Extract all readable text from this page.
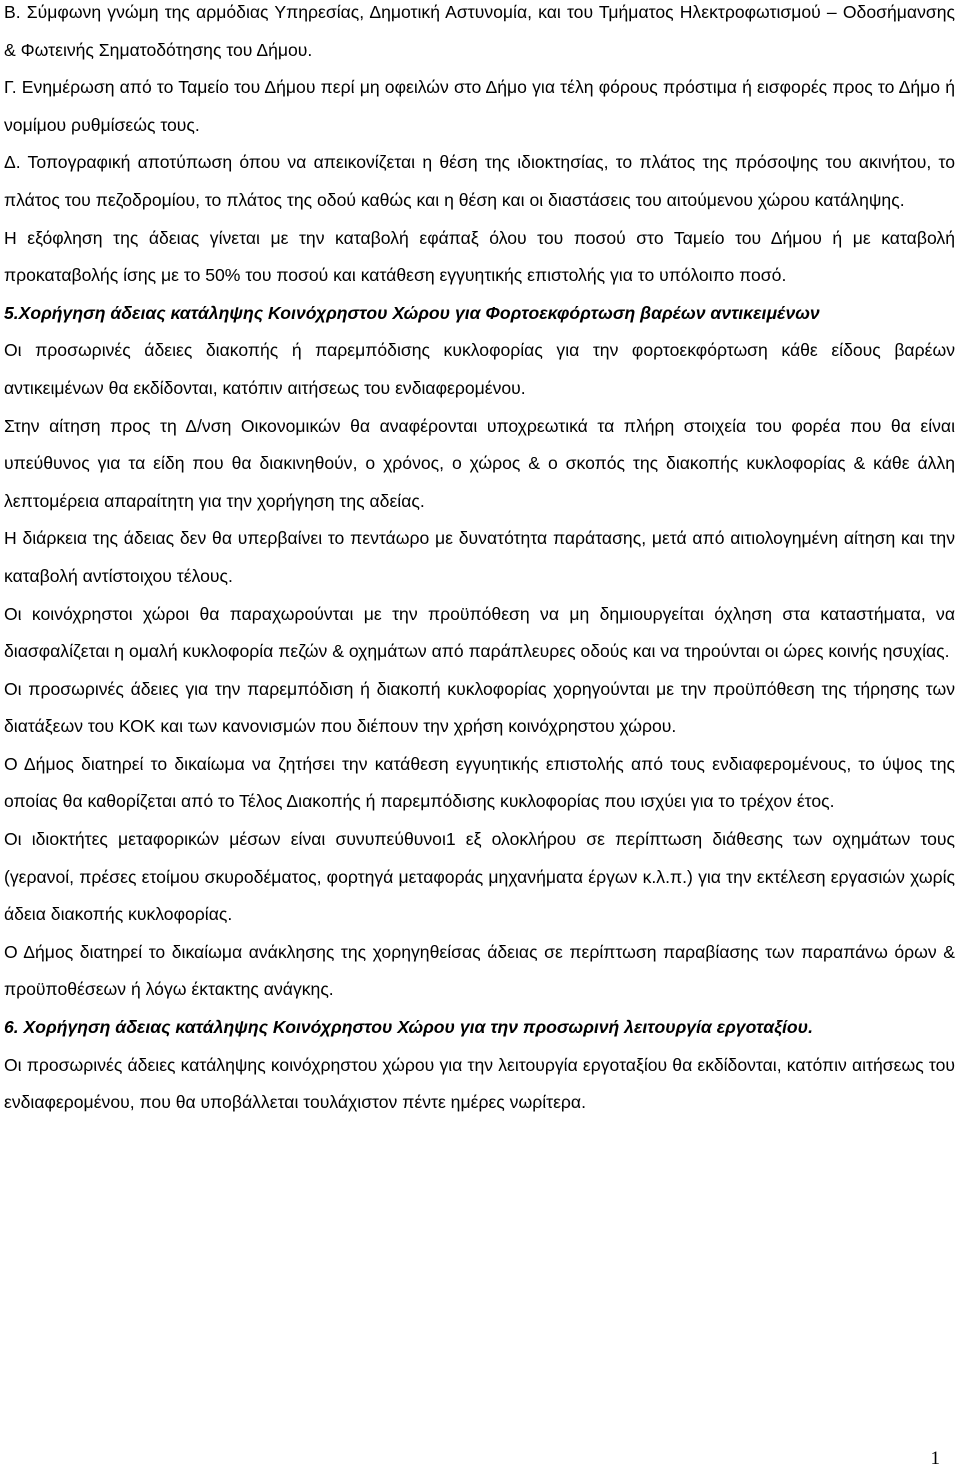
Β. Σύμφωνη γνώμη της αρμόδιας Υπηρεσίας, Δημοτική Αστυνομία, και του Τμήματος Ηλεκτροφωτισμού – Οδοσήμανσης & Φωτεινής Σηματοδότησης του Δήμου.

Γ. Ενημέρωση από το Ταμείο του Δήμου περί μη οφειλών στο Δήμο για τέλη φόρους πρόστιμα ή εισφορές προς το Δήμο ή νομίμου ρυθμίσεώς τους.

Δ. Τοπογραφική αποτύπωση όπου να απεικονίζεται η θέση της ιδιοκτησίας, το πλάτος της πρόσοψης του ακινήτου, το πλάτος του πεζοδρομίου, το πλάτος της οδού καθώς και η θέση και οι διαστάσεις του αιτούμενου χώρου κατάληψης.

Η εξόφληση της άδειας γίνεται με την καταβολή εφάπαξ όλου του ποσού στο Ταμείο του Δήμου ή με καταβολή προκαταβολής ίσης με το 50% του ποσού και κατάθεση εγγυητικής επιστολής για το υπόλοιπο ποσό.

5.Χορήγηση άδειας κατάληψης Κοινόχρηστου Χώρου για Φορτοεκφόρτωση βαρέων αντικειμένων

Οι προσωρινές άδειες διακοπής ή παρεμπόδισης κυκλοφορίας για την φορτοεκφόρτωση κάθε είδους βαρέων αντικειμένων θα εκδίδονται, κατόπιν αιτήσεως του ενδιαφερομένου.

Στην αίτηση προς τη Δ/νση Οικονομικών θα αναφέρονται υποχρεωτικά τα πλήρη στοιχεία του φορέα που θα είναι υπεύθυνος για τα είδη που θα διακινηθούν, ο χρόνος, ο χώρος & ο σκοπός της διακοπής κυκλοφορίας & κάθε άλλη λεπτομέρεια απαραίτητη για την χορήγηση της αδείας.

Η διάρκεια της άδειας δεν θα υπερβαίνει το πεντάωρο με δυνατότητα παράτασης, μετά από αιτιολογημένη αίτηση και την καταβολή αντίστοιχου τέλους.

Οι κοινόχρηστοι χώροι θα παραχωρούνται με την προϋπόθεση να μη δημιουργείται όχληση στα καταστήματα, να διασφαλίζεται η ομαλή κυκλοφορία πεζών & οχημάτων από παράπλευρες οδούς και να τηρούνται οι ώρες κοινής ησυχίας.

Οι προσωρινές άδειες για την παρεμπόδιση ή διακοπή κυκλοφορίας χορηγούνται με την προϋπόθεση της τήρησης των διατάξεων του ΚΟΚ και των κανονισμών που διέπουν την χρήση κοινόχρηστου χώρου.

Ο Δήμος διατηρεί το δικαίωμα να ζητήσει την κατάθεση εγγυητικής επιστολής από τους ενδιαφερομένους, το ύψος της οποίας θα καθορίζεται από το Τέλος Διακοπής ή παρεμπόδισης κυκλοφορίας που ισχύει για το τρέχον έτος.

Οι ιδιοκτήτες μεταφορικών μέσων είναι συνυπεύθυνοι1 εξ ολοκλήρου σε περίπτωση διάθεσης των οχημάτων τους (γερανοί, πρέσες ετοίμου σκυροδέματος, φορτηγά μεταφοράς μηχανήματα έργων κ.λ.π.) για την εκτέλεση εργασιών χωρίς άδεια διακοπής κυκλοφορίας.

Ο Δήμος διατηρεί το δικαίωμα ανάκλησης της χορηγηθείσας άδειας σε περίπτωση παραβίασης των παραπάνω όρων & προϋποθέσεων ή λόγω έκτακτης ανάγκης.

6. Χορήγηση άδειας κατάληψης Κοινόχρηστου Χώρου για την προσωρινή λειτουργία εργοταξίου.

Οι προσωρινές άδειες κατάληψης κοινόχρηστου χώρου για την λειτουργία εργοταξίου θα εκδίδονται, κατόπιν αιτήσεως του ενδιαφερομένου, που θα υποβάλλεται τουλάχιστον πέντε ημέρες νωρίτερα.

1
